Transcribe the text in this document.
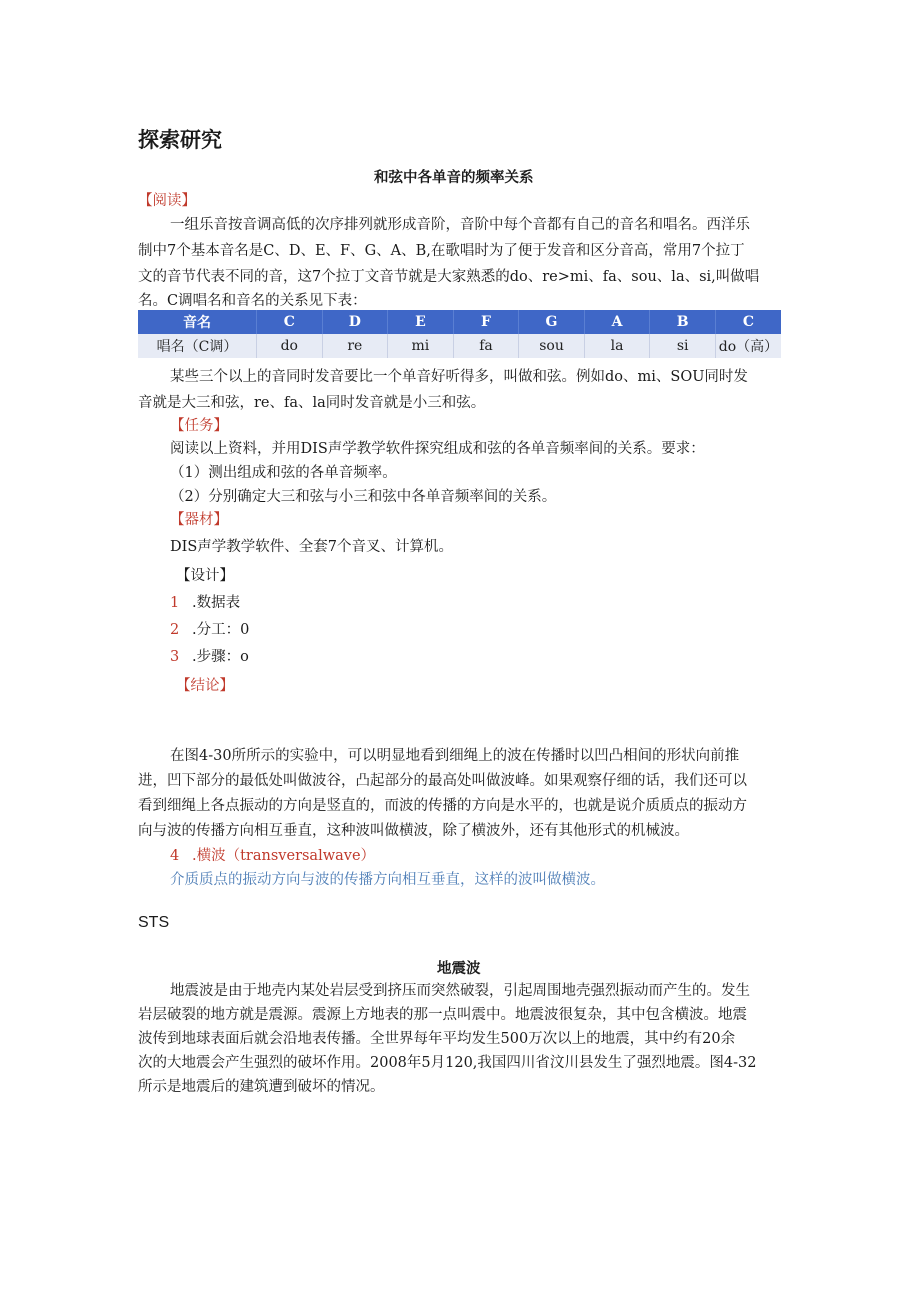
探索研究
和弦中各单音的频率关系
【阅读】
一组乐音按音调高低的次序排列就形成音阶，音阶中每个音都有自己的音名和唱名。西洋乐
制中7个基本音名是C、D、E、F、G、A、B,在歌唱时为了便于发音和区分音高，常用7个拉丁
文的音节代表不同的音，这7个拉丁文音节就是大家熟悉的do、re>mi、fa、sou、la、si,叫做唱
名。C调唱名和音名的关系见下表：
音名	C	D	E	F	G	A	B	C
唱名（C调）	do	re	mi	fa	sou	la	si	do（高）
某些三个以上的音同时发音要比一个单音好听得多，叫做和弦。例如do、mi、SOU同时发
音就是大三和弦，re、fa、la同时发音就是小三和弦。
【任务】
阅读以上资料，并用DIS声学教学软件探究组成和弦的各单音频率间的关系。要求：
（1）测出组成和弦的各单音频率。
（2）分别确定大三和弦与小三和弦中各单音频率间的关系。
【器材】
DIS声学教学软件、全套7个音叉、计算机。
【设计】
1 .数据表
2 .分工：0
3 .步骤：o
【结论】
在图4-30所所示的实验中，可以明显地看到细绳上的波在传播时以凹凸相间的形状向前推
进，凹下部分的最低处叫做波谷，凸起部分的最高处叫做波峰。如果观察仔细的话，我们还可以
看到细绳上各点振动的方向是竖直的，而波的传播的方向是水平的，也就是说介质质点的振动方
向与波的传播方向相互垂直，这种波叫做横波，除了横波外，还有其他形式的机械波。
4 .横波（transversalwave）
介质质点的振动方向与波的传播方向相互垂直，这样的波叫做横波。
STS
地震波
地震波是由于地壳内某处岩层受到挤压而突然破裂，引起周围地壳强烈振动而产生的。发生
岩层破裂的地方就是震源。震源上方地表的那一点叫震中。地震波很复杂，其中包含横波。地震
波传到地球表面后就会沿地表传播。全世界每年平均发生500万次以上的地震，其中约有20余
次的大地震会产生强烈的破坏作用。2008年5月120,我国四川省汶川县发生了强烈地震。图4-32
所示是地震后的建筑遭到破坏的情况。
